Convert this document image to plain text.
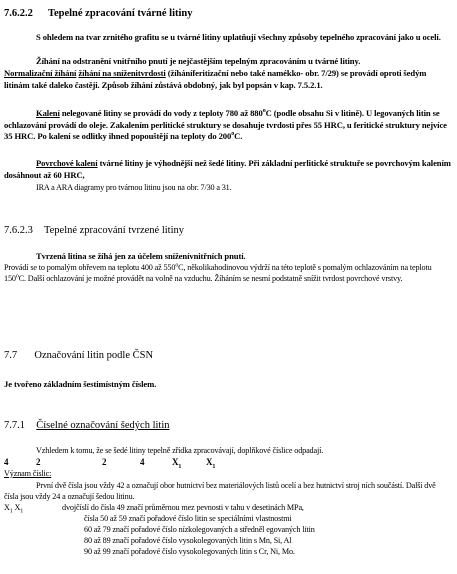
7.6.2.2 Tepelné zpracování tvárné litiny
S ohledem na tvar zrnitého grafitu se u tvárné litiny uplatňují všechny způsoby tepelného zpracování jako u ocelí.
Žíhání na odstranění vnitřního pnutí je nejčastějším tepelným zpracováním u tvárné litiny.
Normalizační žíhání žíhání na sníženitvrdosti (žíháníferitizační nebo také namékko- obr. 7/29) se provádí oproti šedým litinám také daleko častěji. Způsob žíhání zůstává obdobný, jak byl popsán v kap. 7.5.2.1.
Kalení nelegované litiny se provádí do vody z teploty 780 až 880$^o$C (podle obsahu Si v litině). U legovaných litin se ochlazování provádí do oleje. Zakalením perlitické struktury se dosahuje tvrdosti přes 55 HRC, u feritické struktury nejvíce 35 HRC. Po kalení se odlitky ihned popouštějí na teploty do 200$^o$C.
Povrchové kalení tvárné litiny je výhodnější než šedé litiny. Při základní perlitické struktuře se povrchovým kalením dosáhnout až 60 HRC,
IRA a ARA diagramy pro tvárnou litinu jsou na obr. 7/30 a 31.
7.6.2.3 Tepelné zpracování tvrzené litiny
Tvrzená litina se žíhá jen za účelem sníženívnitřních pnutí.
Provádí se to pomalým ohřevem na teplotu 400 až 550$^o$C, několikahodinovou výdrží na této teplotě s pomalým ochlazováním na teplotu 150$^o$C. Další ochlazování je možné provádět na volně na vzduchu. Žíháním se nesmí podstatně snížit tvrdost povrchové vrstvy.
7.7 Označování litin podle ČSN
Je tvořeno základním šestimístným číslem.
7.7.1 Číselné označování šedých litin
Vzhledem k tomu, že se šedé litiny tepelně zřídka zpracovávají, doplňkové číslice odpadají.
4	2	2	4	$X_1$	$X_1$
Význam číslic:
První dvě čísla jsou vždy 42 a označují obor hutnictví bez materiálových listů ocelí a bez hutnictví stroj ních součástí. Další dvě čísla jsou vždy 24 a označují šedou litinu.
$X_1$ $X_1$	dvojčíslí do čísla 49 značí průměrnou mez pevnosti v tahu v desetinách MPa,
čísla 50 až 59 značí pořadové číslo litin se speciálními vlastnostmi
60 až 79 značí pořadové číslo nízkolegovaných a středněl egovaných litin
80 až 89 značí pořadové číslo vysokolegovaných litin s Mn, Si, Al
90 až 99 značí pořadové číslo vysokolegovaných litin s Cr, Ni, Mo.
